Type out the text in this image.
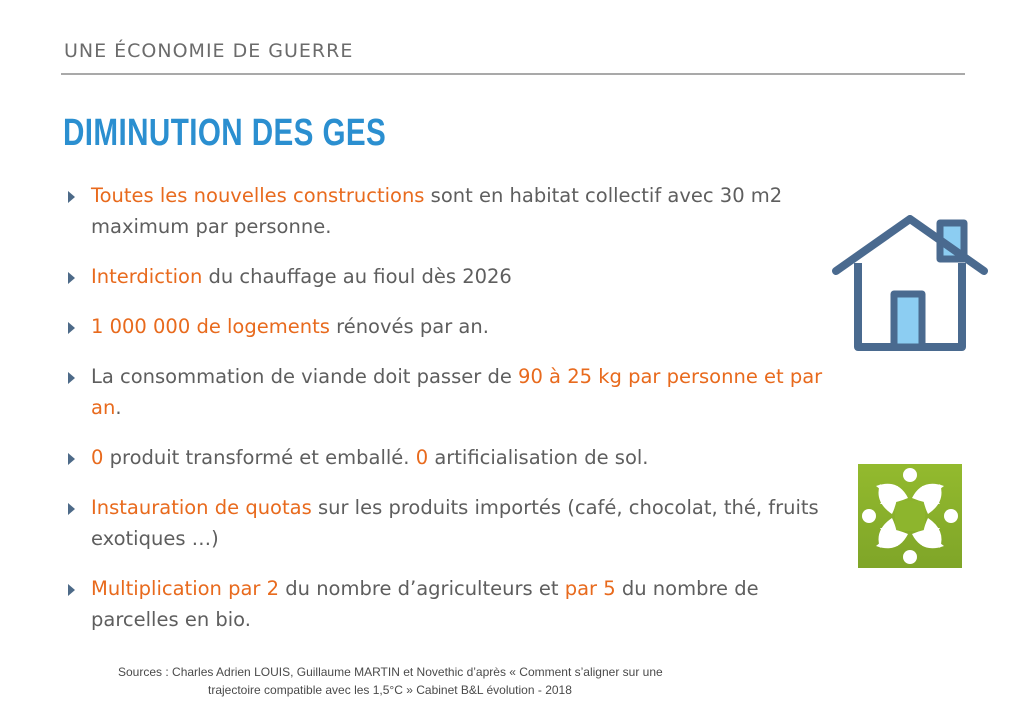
UNE ÉCONOMIE DE GUERRE
DIMINUTION DES GES
Toutes les nouvelles constructions sont en habitat collectif avec 30 m2 maximum par personne.
Interdiction du chauffage au fioul dès 2026
1 000 000 de logements rénovés par an.
La consommation de viande doit passer de 90 à 25 kg par personne et par an.
0 produit transformé et emballé. 0 artificialisation de sol.
Instauration de quotas sur les produits importés (café, chocolat, thé, fruits exotiques …)
Multiplication par 2 du nombre d’agriculteurs et par 5 du nombre de parcelles en bio.
Sources : Charles Adrien LOUIS, Guillaume MARTIN et Novethic d’après « Comment s’aligner sur une
trajectoire compatible avec les 1,5°C » Cabinet B&L évolution - 2018
